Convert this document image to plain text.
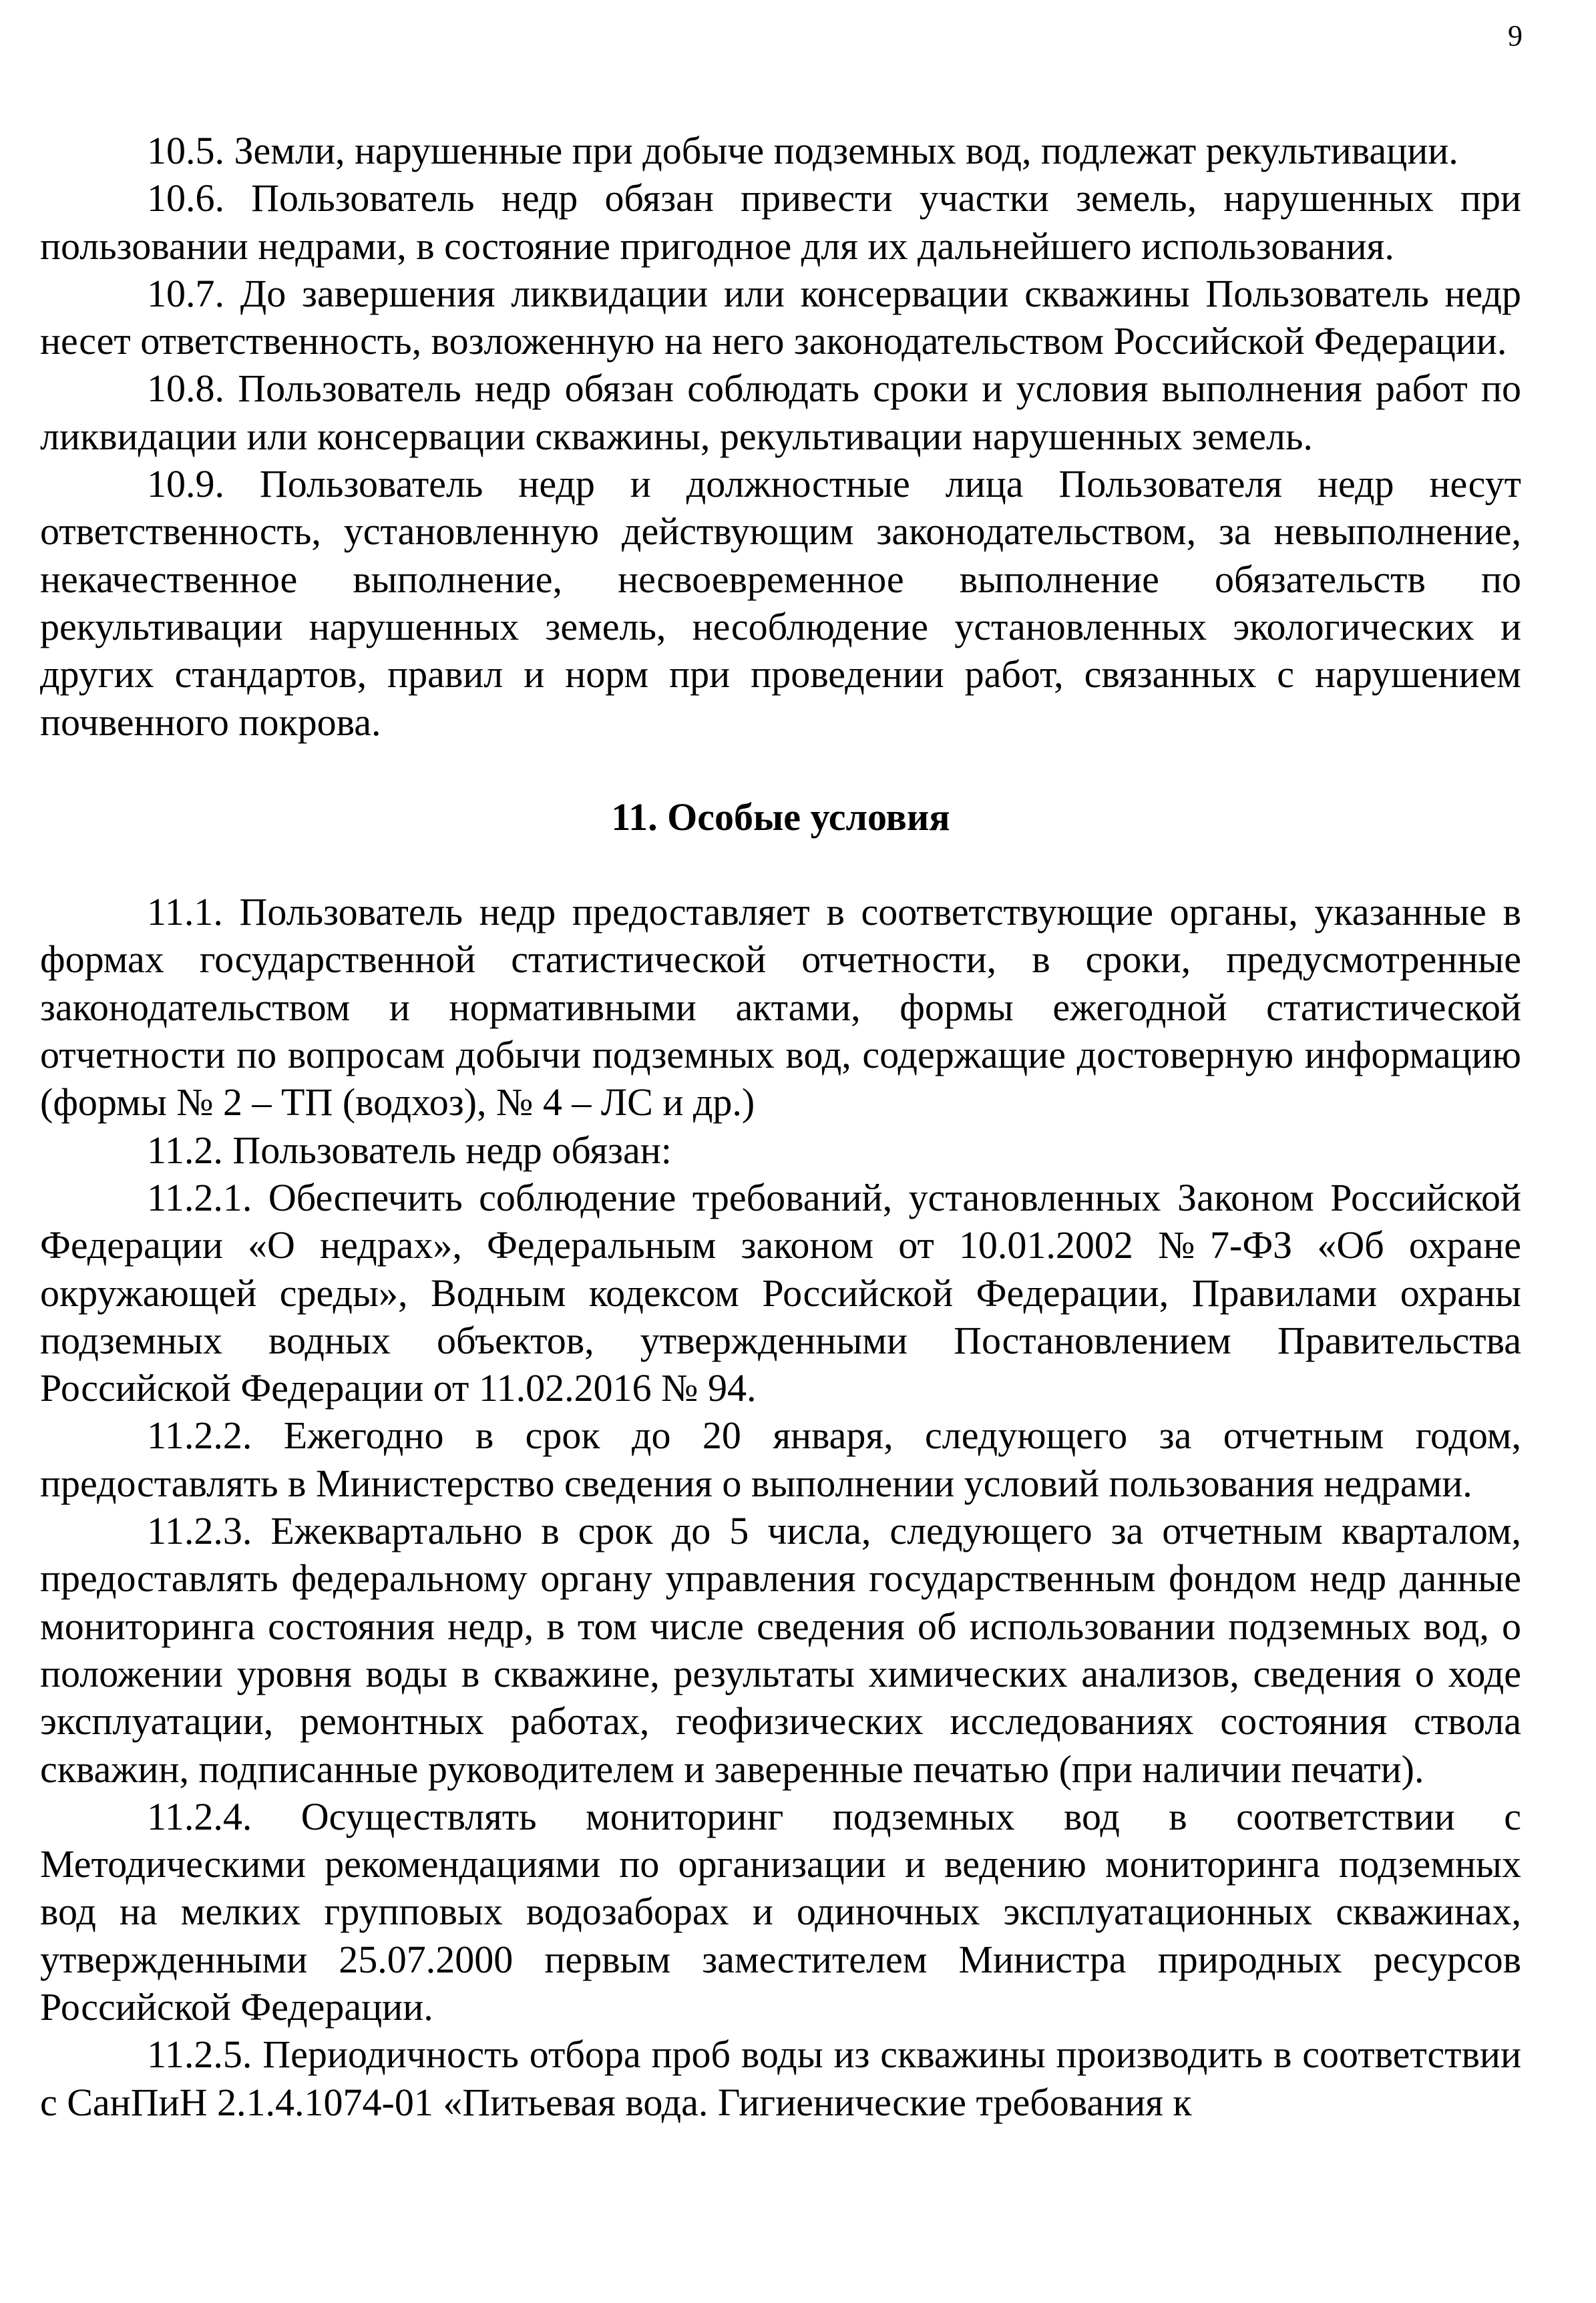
9

10.5. Земли, нарушенные при добыче подземных вод, подлежат рекультивации.

10.6. Пользователь недр обязан привести участки земель, нарушенных при пользовании недрами, в состояние пригодное для их дальнейшего использования.

10.7. До завершения ликвидации или консервации скважины Пользователь недр несет ответственность, возложенную на него законодательством Российской Федерации.

10.8. Пользователь недр обязан соблюдать сроки и условия выполнения работ по ликвидации или консервации скважины, рекультивации нарушенных земель.

10.9. Пользователь недр и должностные лица Пользователя недр несут ответственность, установленную действующим законодательством, за невыполнение, некачественное выполнение, несвоевременное выполнение обязательств по рекультивации нарушенных земель, несоблюдение установленных экологических и других стандартов, правил и норм при проведении работ, связанных с нарушением почвенного покрова.

11. Особые условия

11.1. Пользователь недр предоставляет в соответствующие органы, указанные в формах государственной статистической отчетности, в сроки, предусмотренные законодательством и нормативными актами, формы ежегодной статистической отчетности по вопросам добычи подземных вод, содержащие достоверную информацию (формы № 2 – ТП (водхоз), № 4 – ЛС и др.)

11.2. Пользователь недр обязан:

11.2.1. Обеспечить соблюдение требований, установленных Законом Российской Федерации «О недрах», Федеральным законом от 10.01.2002 №7-ФЗ «Об охране окружающей среды», Водным кодексом Российской Федерации, Правилами охраны подземных водных объектов, утвержденными Постановлением Правительства Российской Федерации от 11.02.2016 № 94.

11.2.2. Ежегодно в срок до 20 января, следующего за отчетным годом, предоставлять в Министерство сведения о выполнении условий пользования недрами.

11.2.3. Ежеквартально в срок до 5 числа, следующего за отчетным кварталом, предоставлять федеральному органу управления государственным фондом недр данные мониторинга состояния недр, в том числе сведения об использовании подземных вод, о положении уровня воды в скважине, результаты химических анализов, сведения о ходе эксплуатации, ремонтных работах, геофизических исследованиях состояния ствола скважин, подписанные руководителем и заверенные печатью (при наличии печати).

11.2.4. Осуществлять мониторинг подземных вод в соответствии с Методическими рекомендациями по организации и ведению мониторинга подземных вод на мелких групповых водозаборах и одиночных эксплуатационных скважинах, утвержденными 25.07.2000 первым заместителем Министра природных ресурсов Российской Федерации.

11.2.5. Периодичность отбора проб воды из скважины производить в соответствии с СанПиН 2.1.4.1074-01 «Питьевая вода. Гигиенические требования к
